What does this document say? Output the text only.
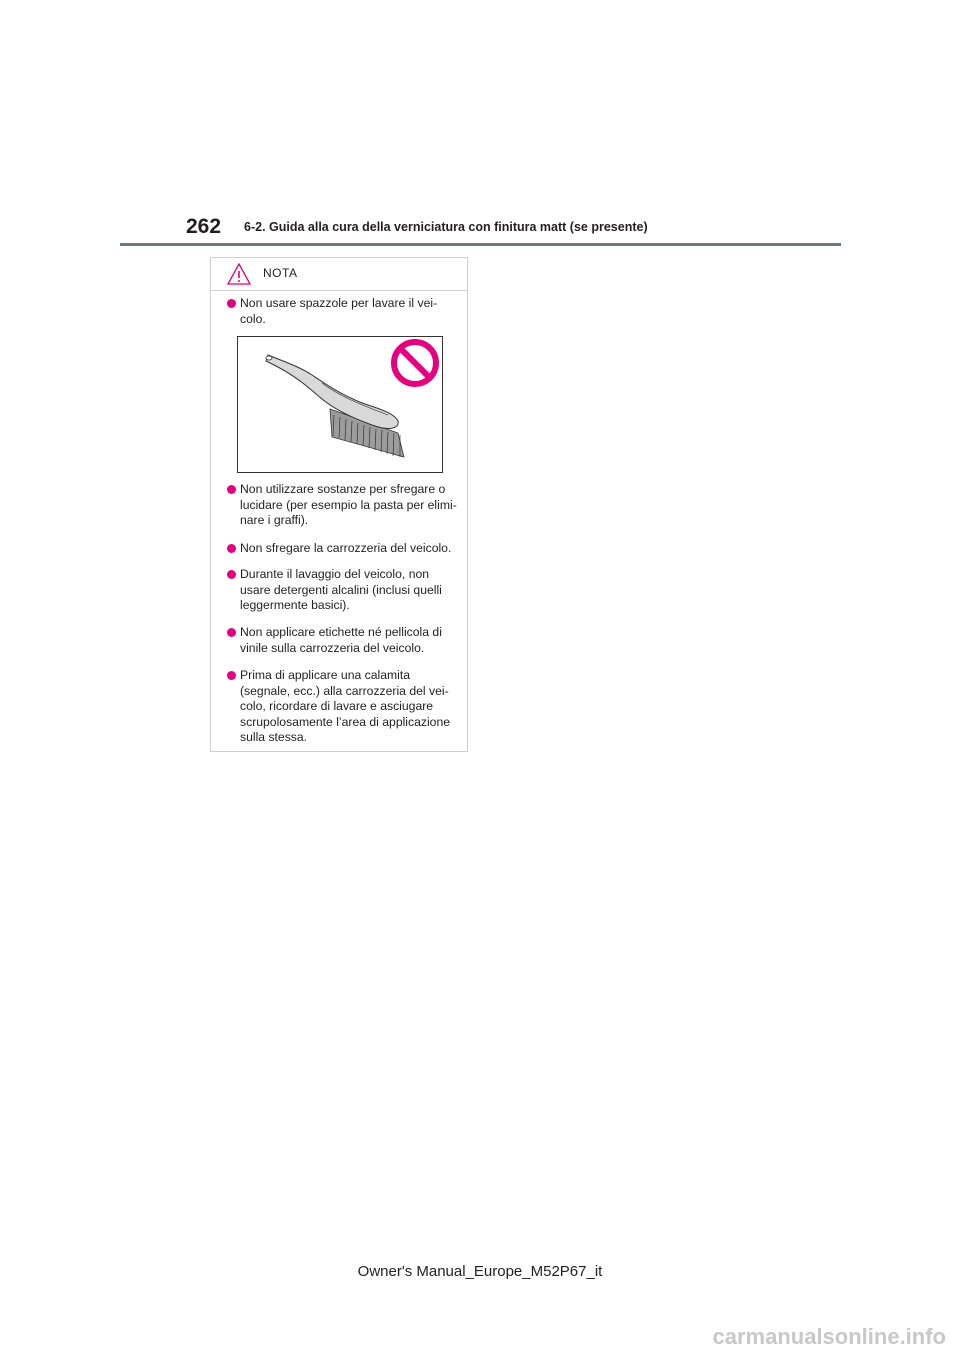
262 6-2. Guida alla cura della verniciatura con finitura matt (se presente)
NOTA
Non usare spazzole per lavare il vei-
colo.
Non utilizzare sostanze per sfregare o
lucidare (per esempio la pasta per elimi-
nare i graffi).
Non sfregare la carrozzeria del veicolo.
Durante il lavaggio del veicolo, non
usare detergenti alcalini (inclusi quelli
leggermente basici).
Non applicare etichette né pellicola di
vinile sulla carrozzeria del veicolo.
Prima di applicare una calamita
(segnale, ecc.) alla carrozzeria del vei-
colo, ricordare di lavare e asciugare
scrupolosamente l’area di applicazione
sulla stessa.
Owner's Manual_Europe_M52P67_it
carmanualsonline.info
